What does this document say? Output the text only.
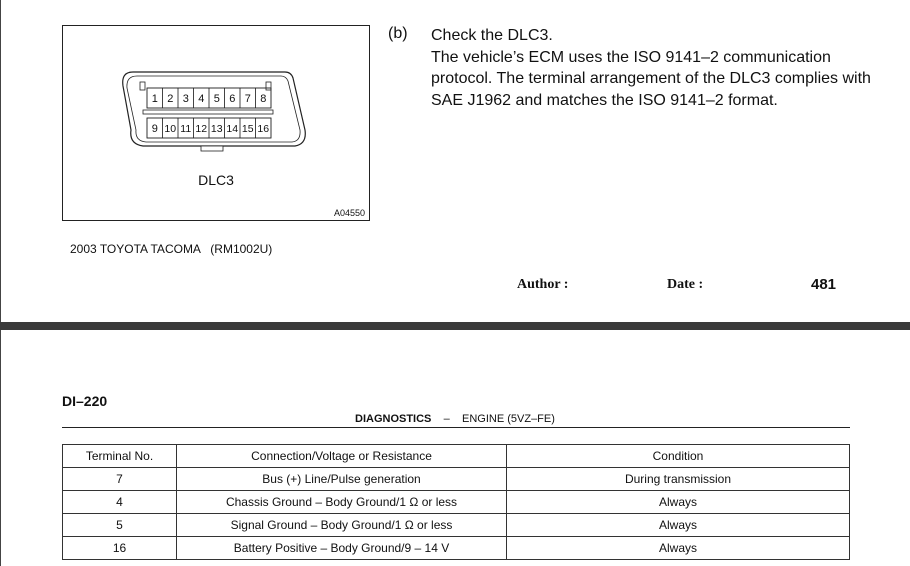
1 2 3 4 5 6 7 8
9 10 11 12 13 14 15 16
DLC3
A04550
(b) Check the DLC3.

The vehicle’s ECM uses the ISO 9141–2 communication protocol. The terminal arrangement of the DLC3 complies with SAE J1962 and matches the ISO 9141–2 format.

2003 TOYOTA TACOMA   (RM1002U)
Author :	Date :	481
DI–220
DIAGNOSTICS – ENGINE (5VZ–FE)
Terminal No.	Connection/Voltage or Resistance	Condition
7	Bus (+) Line/Pulse generation	During transmission
4	Chassis Ground – Body Ground/1 Ω or less	Always
5	Signal Ground – Body Ground/1 Ω or less	Always
16	Battery Positive – Body Ground/9 – 14 V	Always
